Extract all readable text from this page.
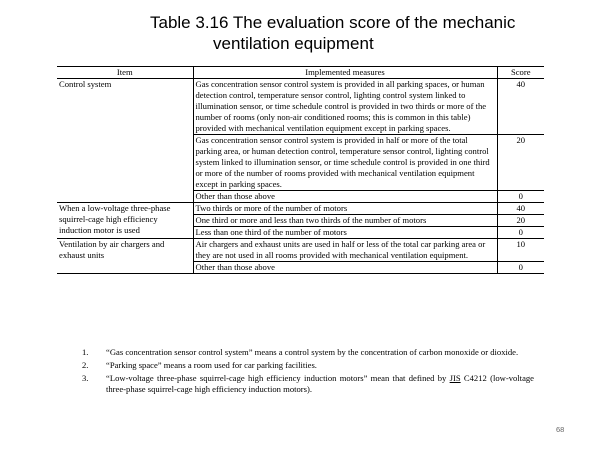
Table 3.16 The evaluation score of the mechanic
ventilation equipment
Item	Implemented measures	Score
Control system	Gas concentration sensor control system is provided in all parking spaces, or human detection control, temperature sensor control, lighting control system linked to illumination sensor, or time schedule control is provided in two thirds or more of the number of rooms (only non-air conditioned rooms; this is common in this table) provided with mechanical ventilation equipment except in parking spaces.	40
	Gas concentration sensor control system is provided in half or more of the total parking area, or human detection control, temperature sensor control, lighting control system linked to illumination sensor, or time schedule control is provided in one third or more of the number of rooms provided with mechanical ventilation equipment except in parking spaces.	20
	Other than those above	0
When a low-voltage three-phase squirrel-cage high efficiency induction motor is used	Two thirds or more of the number of motors	40
	One third or more and less than two thirds of the number of motors	20
	Less than one third of the number of motors	0
Ventilation by air chargers and exhaust units	Air chargers and exhaust units are used in half or less of the total car parking area or they are not used in all rooms provided with mechanical ventilation equipment.	10
	Other than those above	0
1. “Gas concentration sensor control system” means a control system by the concentration of carbon monoxide or dioxide.
2. “Parking space” means a room used for car parking facilities.
3. “Low-voltage three-phase squirrel-cage high efficiency induction motors” mean that defined by JIS C4212 (low-voltage three-phase squirrel-cage high efficiency induction motors).
68
